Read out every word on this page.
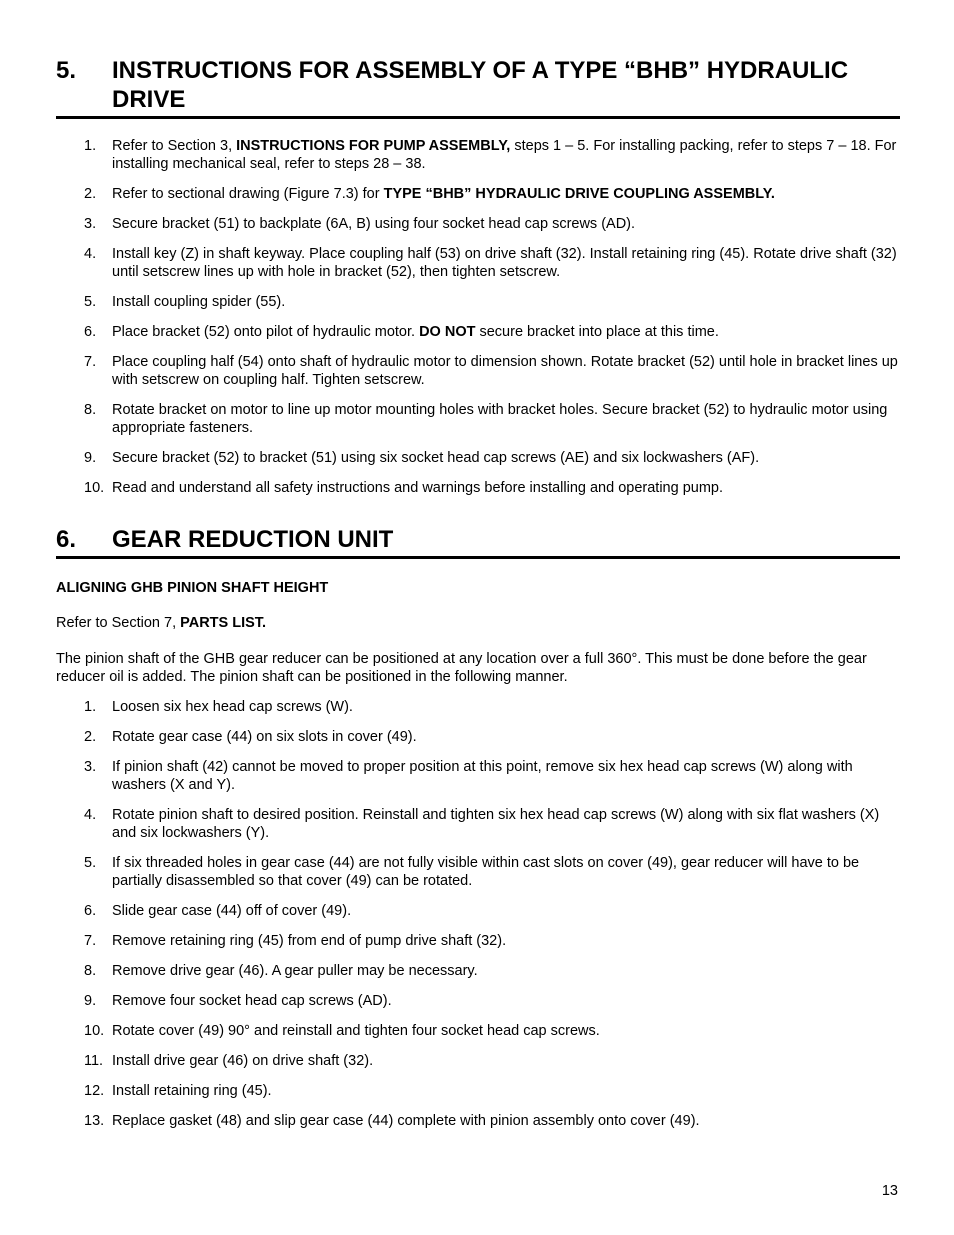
5.	INSTRUCTIONS FOR ASSEMBLY OF A TYPE “BHB” HYDRAULIC DRIVE
1.	Refer to Section 3, INSTRUCTIONS FOR PUMP ASSEMBLY, steps 1 – 5. For installing packing, refer to steps 7 – 18. For installing mechanical seal, refer to steps 28 – 38.
2.	Refer to sectional drawing (Figure 7.3) for TYPE “BHB” HYDRAULIC DRIVE COUPLING ASSEMBLY.
3.	Secure bracket (51) to backplate (6A, B) using four socket head cap screws (AD).
4.	Install key (Z) in shaft keyway. Place coupling half (53) on drive shaft (32). Install retaining ring (45). Rotate drive shaft (32) until setscrew lines up with hole in bracket (52), then tighten setscrew.
5.	Install coupling spider (55).
6.	Place bracket (52) onto pilot of hydraulic motor. DO NOT secure bracket into place at this time.
7.	Place coupling half (54) onto shaft of hydraulic motor to dimension shown. Rotate bracket (52) until hole in bracket lines up with setscrew on coupling half. Tighten setscrew.
8.	Rotate bracket on motor to line up motor mounting holes with bracket holes. Secure bracket (52) to hydraulic motor using appropriate fasteners.
9.	Secure bracket (52) to bracket (51) using six socket head cap screws (AE) and six lockwashers (AF).
10. Read and understand all safety instructions and warnings before installing and operating pump.
6.	GEAR REDUCTION UNIT
ALIGNING GHB PINION SHAFT HEIGHT
Refer to Section 7, PARTS LIST.
The pinion shaft of the GHB gear reducer can be positioned at any location over a full 360°. This must be done before the gear reducer oil is added. The pinion shaft can be positioned in the following manner.
1.	Loosen six hex head cap screws (W).
2.	Rotate gear case (44) on six slots in cover (49).
3.	If pinion shaft (42) cannot be moved to proper position at this point, remove six hex head cap screws (W) along with washers (X and Y).
4.	Rotate pinion shaft to desired position. Reinstall and tighten six hex head cap screws (W) along with six flat washers (X) and six lockwashers (Y).
5.	If six threaded holes in gear case (44) are not fully visible within cast slots on cover (49), gear reducer will have to be partially disassembled so that cover (49) can be rotated.
6.	Slide gear case (44) off of cover (49).
7.	Remove retaining ring (45) from end of pump drive shaft (32).
8.	Remove drive gear (46). A gear puller may be necessary.
9.	Remove four socket head cap screws (AD).
10. Rotate cover (49) 90° and reinstall and tighten four socket head cap screws.
11. Install drive gear (46) on drive shaft (32).
12. Install retaining ring (45).
13. Replace gasket (48) and slip gear case (44) complete with pinion assembly onto cover (49).
13
